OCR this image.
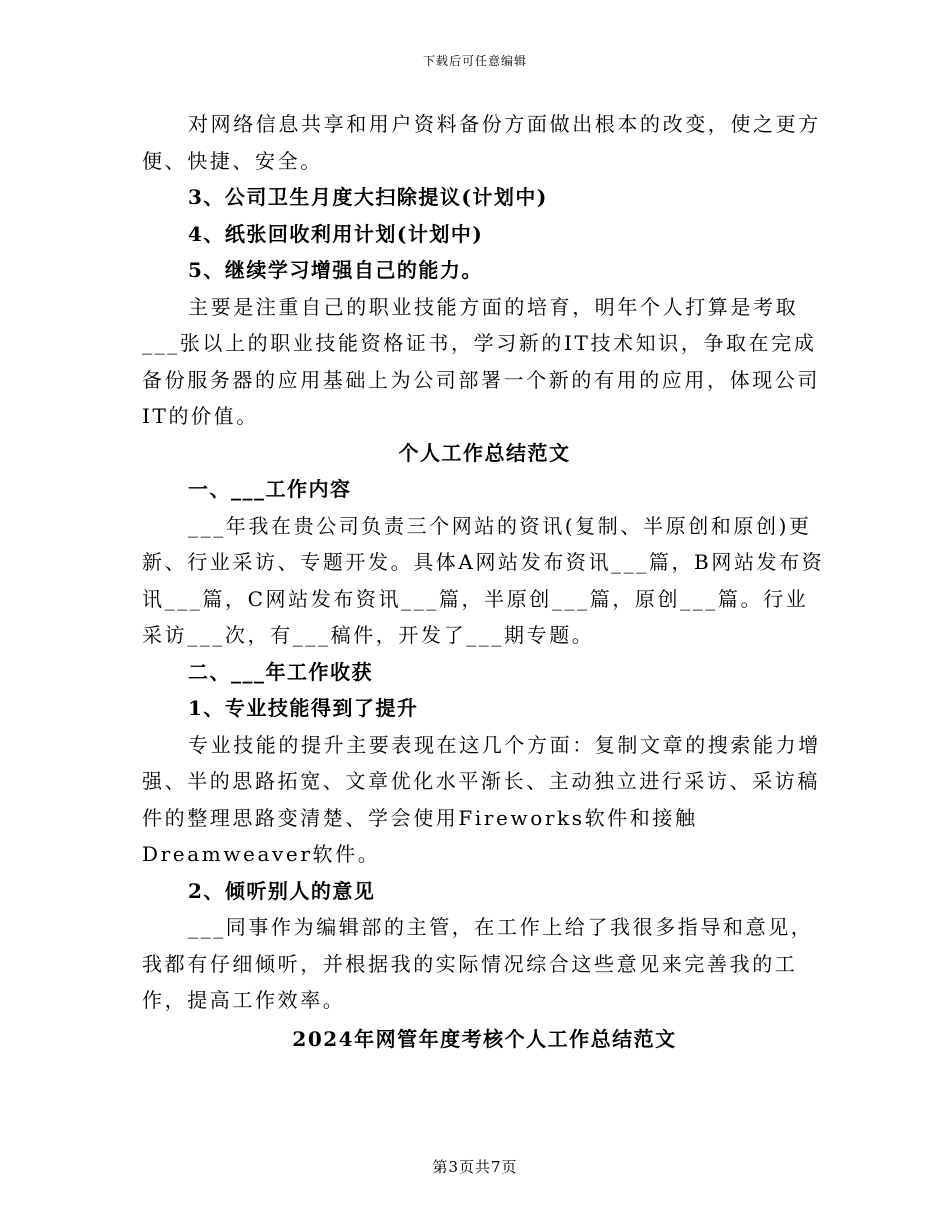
下载后可任意编辑

对网络信息共享和用户资料备份方面做出根本的改变，使之更方便、快捷、安全。

3、公司卫生月度大扫除提议(计划中)

4、纸张回收利用计划(计划中)

5、继续学习增强自己的能力。

主要是注重自己的职业技能方面的培育，明年个人打算是考取___张以上的职业技能资格证书，学习新的IT技术知识，争取在完成备份服务器的应用基础上为公司部署一个新的有用的应用，体现公司IT的价值。

个人工作总结范文

一、___工作内容

___年我在贵公司负责三个网站的资讯(复制、半原创和原创)更新、行业采访、专题开发。具体A网站发布资讯___篇，B网站发布资讯___篇，C网站发布资讯___篇，半原创___篇，原创___篇。行业采访___次，有___稿件，开发了___期专题。

二、___年工作收获

1、专业技能得到了提升

专业技能的提升主要表现在这几个方面：复制文章的搜索能力增强、半的思路拓宽、文章优化水平渐长、主动独立进行采访、采访稿件的整理思路变清楚、学会使用Fireworks软件和接触Dreamweaver软件。

2、倾听别人的意见

___同事作为编辑部的主管，在工作上给了我很多指导和意见，我都有仔细倾听，并根据我的实际情况综合这些意见来完善我的工作，提高工作效率。

2024年网管年度考核个人工作总结范文

第3页共7页
